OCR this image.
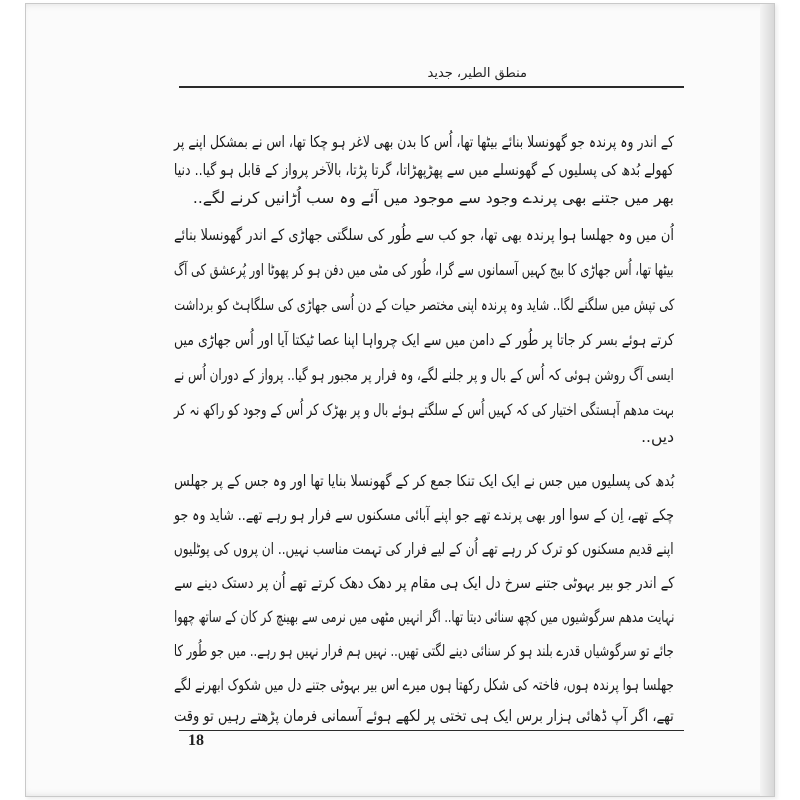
منطق الطیر، جدید
کے اندر وہ پرندہ جو گھونسلا بنائے بیٹھا تھا، اُس کا بدن بھی لاغر ہو چکا تھا، اس نے بمشکل اپنے پر
کھولے بُدھ کی پسلیوں کے گھونسلے میں سے پھڑپھڑاتا، گرتا پڑتا، بالآخر پرواز کے قابل ہو گیا.. دنیا
بھر میں جتنے بھی پرندے وجود سے موجود میں آئے وہ سب اُڑانیں کرنے لگے..
اُن میں وہ جھلسا ہوا پرندہ بھی تھا، جو کب سے طُور کی سلگتی جھاڑی کے اندر گھونسلا بنائے
بیٹھا تھا، اُس جھاڑی کا بیج کہیں آسمانوں سے گرا، طُور کی مٹی میں دفن ہو کر پھوٹا اور پُرعشق کی آگ
کی تپش میں سلگنے لگا.. شاید وہ پرندہ اپنی مختصر حیات کے دن اُسی جھاڑی کی سلگاہٹ کو برداشت
کرتے ہوئے بسر کر جاتا پر طُور کے دامن میں سے ایک چرواہا اپنا عصا ٹیکتا آیا اور اُس جھاڑی میں
ایسی آگ روشن ہوئی کہ اُس کے بال و پر جلنے لگے، وہ فرار پر مجبور ہو گیا.. پرواز کے دوران اُس نے
بہت مدھم آہستگی اختیار کی کہ کہیں اُس کے سلگتے ہوئے بال و پر بھڑک کر اُس کے وجود کو راکھ نہ کر
دیں..
بُدھ کی پسلیوں میں جس نے ایک ایک تنکا جمع کر کے گھونسلا بنایا تھا اور وہ جس کے پر جھلس
چکے تھے، اِن کے سوا اور بھی پرندے تھے جو اپنے آبائی مسکنوں سے فرار ہو رہے تھے.. شاید وہ جو
اپنے قدیم مسکنوں کو ترک کر رہے تھے اُن کے لیے فرار کی تہمت مناسب نہیں.. ان پروں کی پوٹلیوں
کے اندر جو بیر بہوٹی جتنے سرخ دل ایک ہی مقام پر دھک دھک کرتے تھے اُن پر دستک دینے سے
نہایت مدھم سرگوشیوں میں کچھ سنائی دیتا تھا.. اگر انہیں مٹھی میں نرمی سے بھینچ کر کان کے ساتھ چھوا
جائے تو سرگوشیاں قدرے بلند ہو کر سنائی دینے لگتی تھیں.. نہیں ہم فرار نہیں ہو رہے.. میں جو طُور کا
جھلسا ہوا پرندہ ہوں، فاختہ کی شکل رکھتا ہوں میرے اس بیر بہوٹی جتنے دل میں شکوک ابھرنے لگے
تھے، اگر آپ ڈھائی ہزار برس ایک ہی تختی پر لکھے ہوئے آسمانی فرمان پڑھتے رہیں تو وقت
18
